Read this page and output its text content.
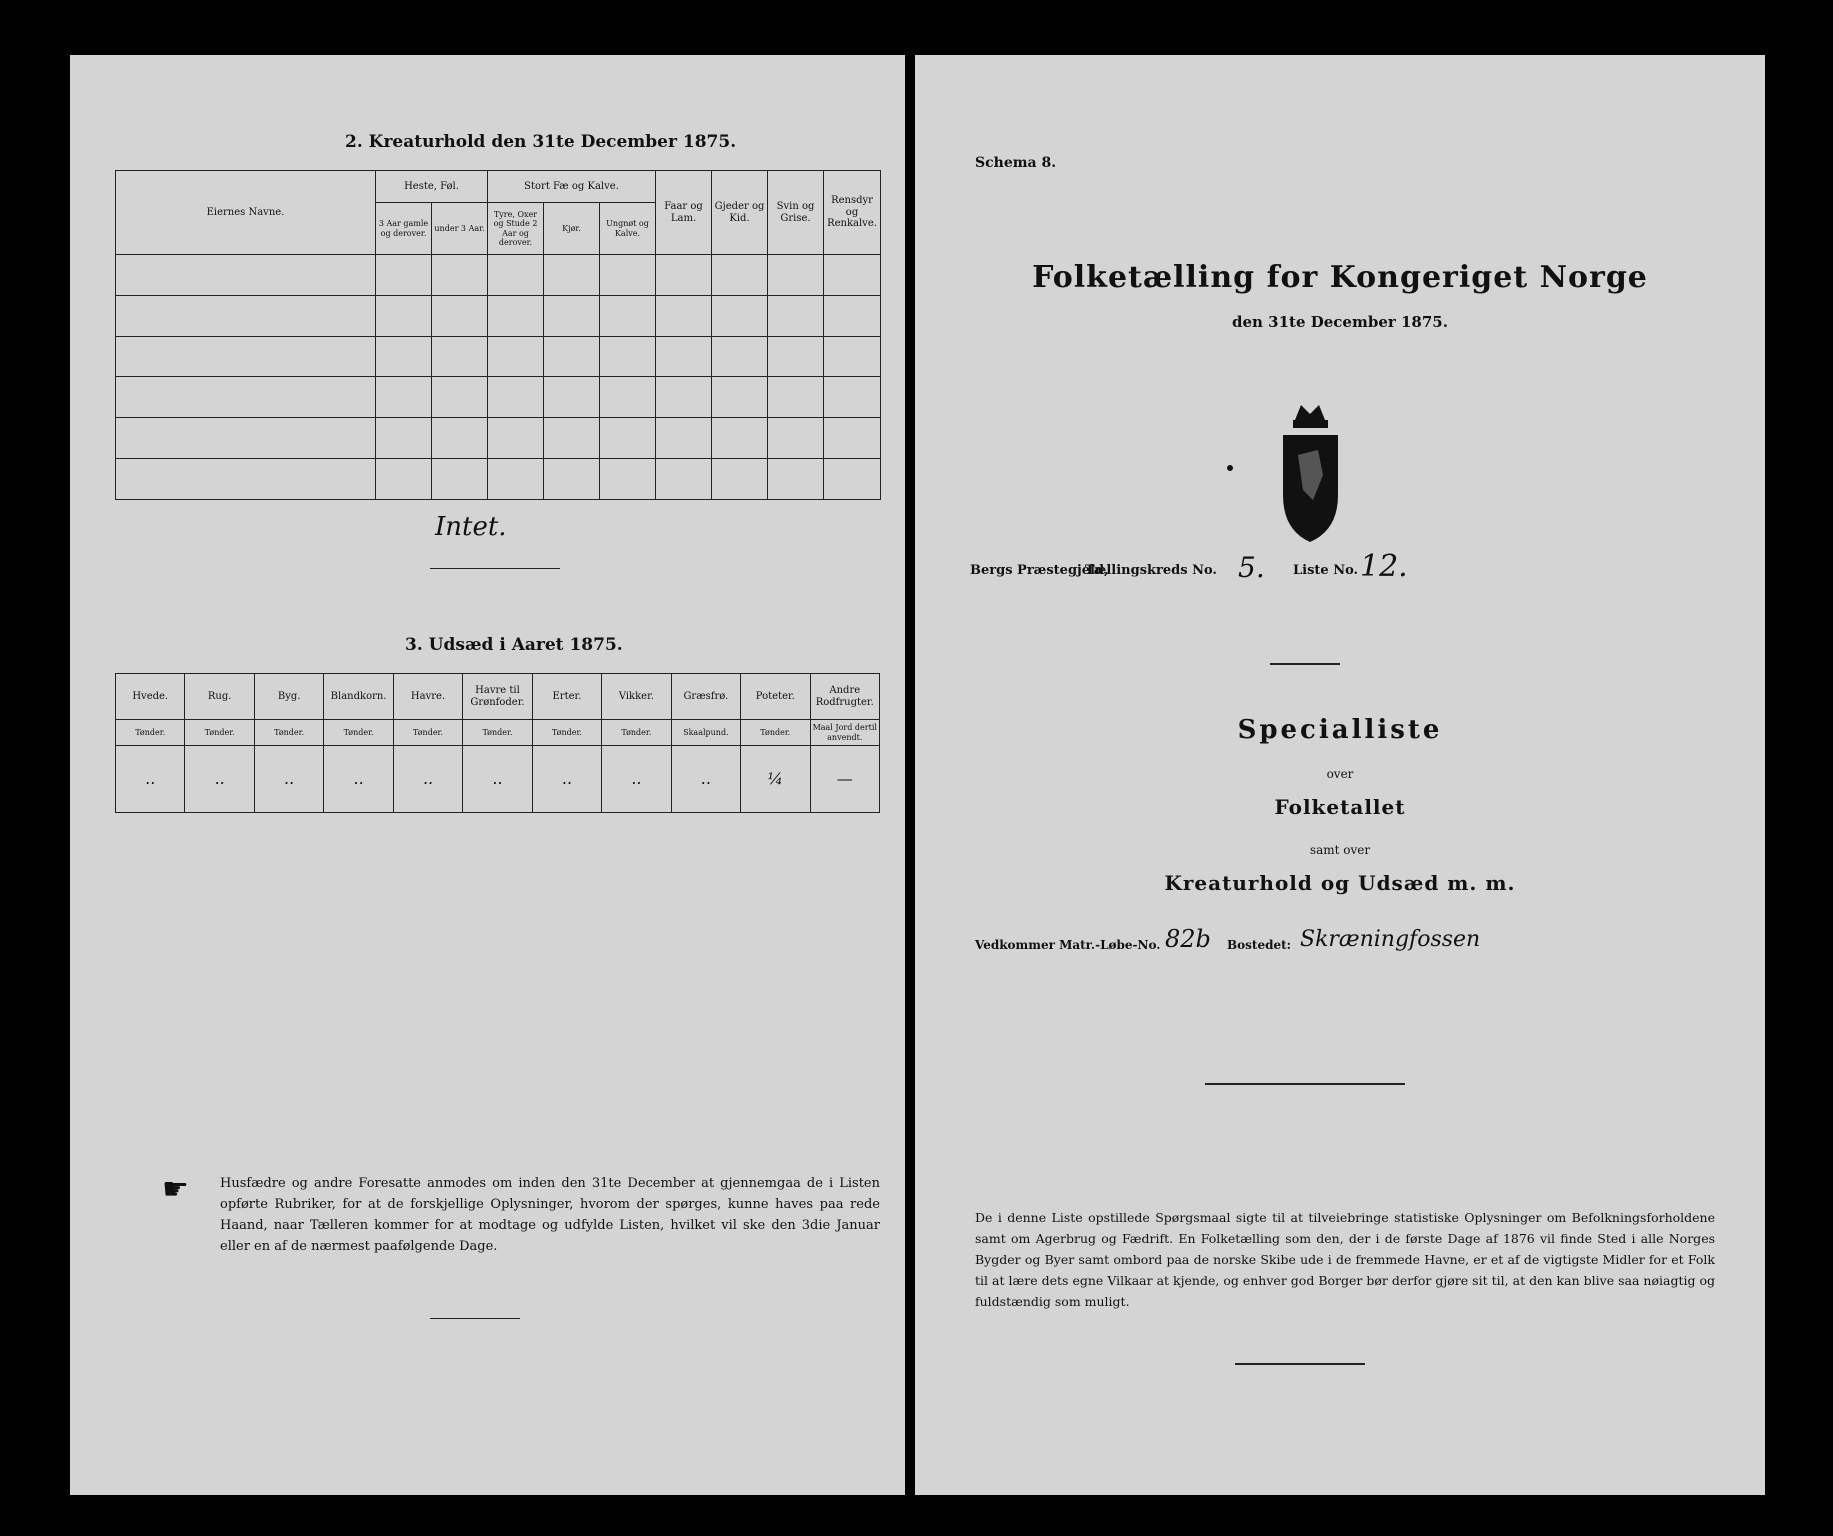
2. Kreaturhold den 31te December 1875.
Eiernes Navne.	Heste, Føl.		Stort Fæ og Kalve.			Faar og Lam.	Gjeder og Kid.	Svin og Grise.	Rensdyr og Renkalve.
	3 Aar gamle og derover.	under 3 Aar.	Tyre, Oxer og Stude 2 Aar og derover.	Kjør.	Ungnøt og Kalve.				

Intet.
3. Udsæd i Aaret 1875.
Hvede.	Rug.	Byg.	Blandkorn.	Havre.	Havre til Grønfoder.	Erter.	Vikker.	Græsfrø.	Poteter.	Andre Rodfrugter.
Tønder.	Tønder.	Tønder.	Tønder.	Tønder.	Tønder.	Tønder.	Tønder.	Skaalpund.	Tønder.	Maal Jord dertil anvendt.
..	..	..	..	..	..	..	..	..	¼	—
☛ Husfædre og andre Foresatte anmodes om inden den 31te December at gjennemgaa de i Listen opførte Rubriker, for at de forskjellige Oplysninger, hvorom der spørges, kunne haves paa rede Haand, naar Tælleren kommer for at modtage og udfylde Listen, hvilket vil ske den 3die Januar eller en af de nærmest paafølgende Dage.
Schema 8.
Folketælling for Kongeriget Norge
den 31te December 1875.
Bergs Præstegjeld,
Tællingskreds No. 5. Liste No. 12.
Specialliste
over
Folketallet
samt over
Kreaturhold og Udsæd m. m.
Vedkommer Matr.-Løbe-No. 82b Bostedet: Skræningfossen
De i denne Liste opstillede Spørgsmaal sigte til at tilveiebringe statistiske Oplysninger om Befolkningsforholdene samt om Agerbrug og Fædrift. En Folketælling som den, der i de første Dage af 1876 vil finde Sted i alle Norges Bygder og Byer samt ombord paa de norske Skibe ude i de fremmede Havne, er et af de vigtigste Midler for et Folk til at lære dets egne Vilkaar at kjende, og enhver god Borger bør derfor gjøre sit til, at den kan blive saa nøiagtig og fuldstændig som muligt.
